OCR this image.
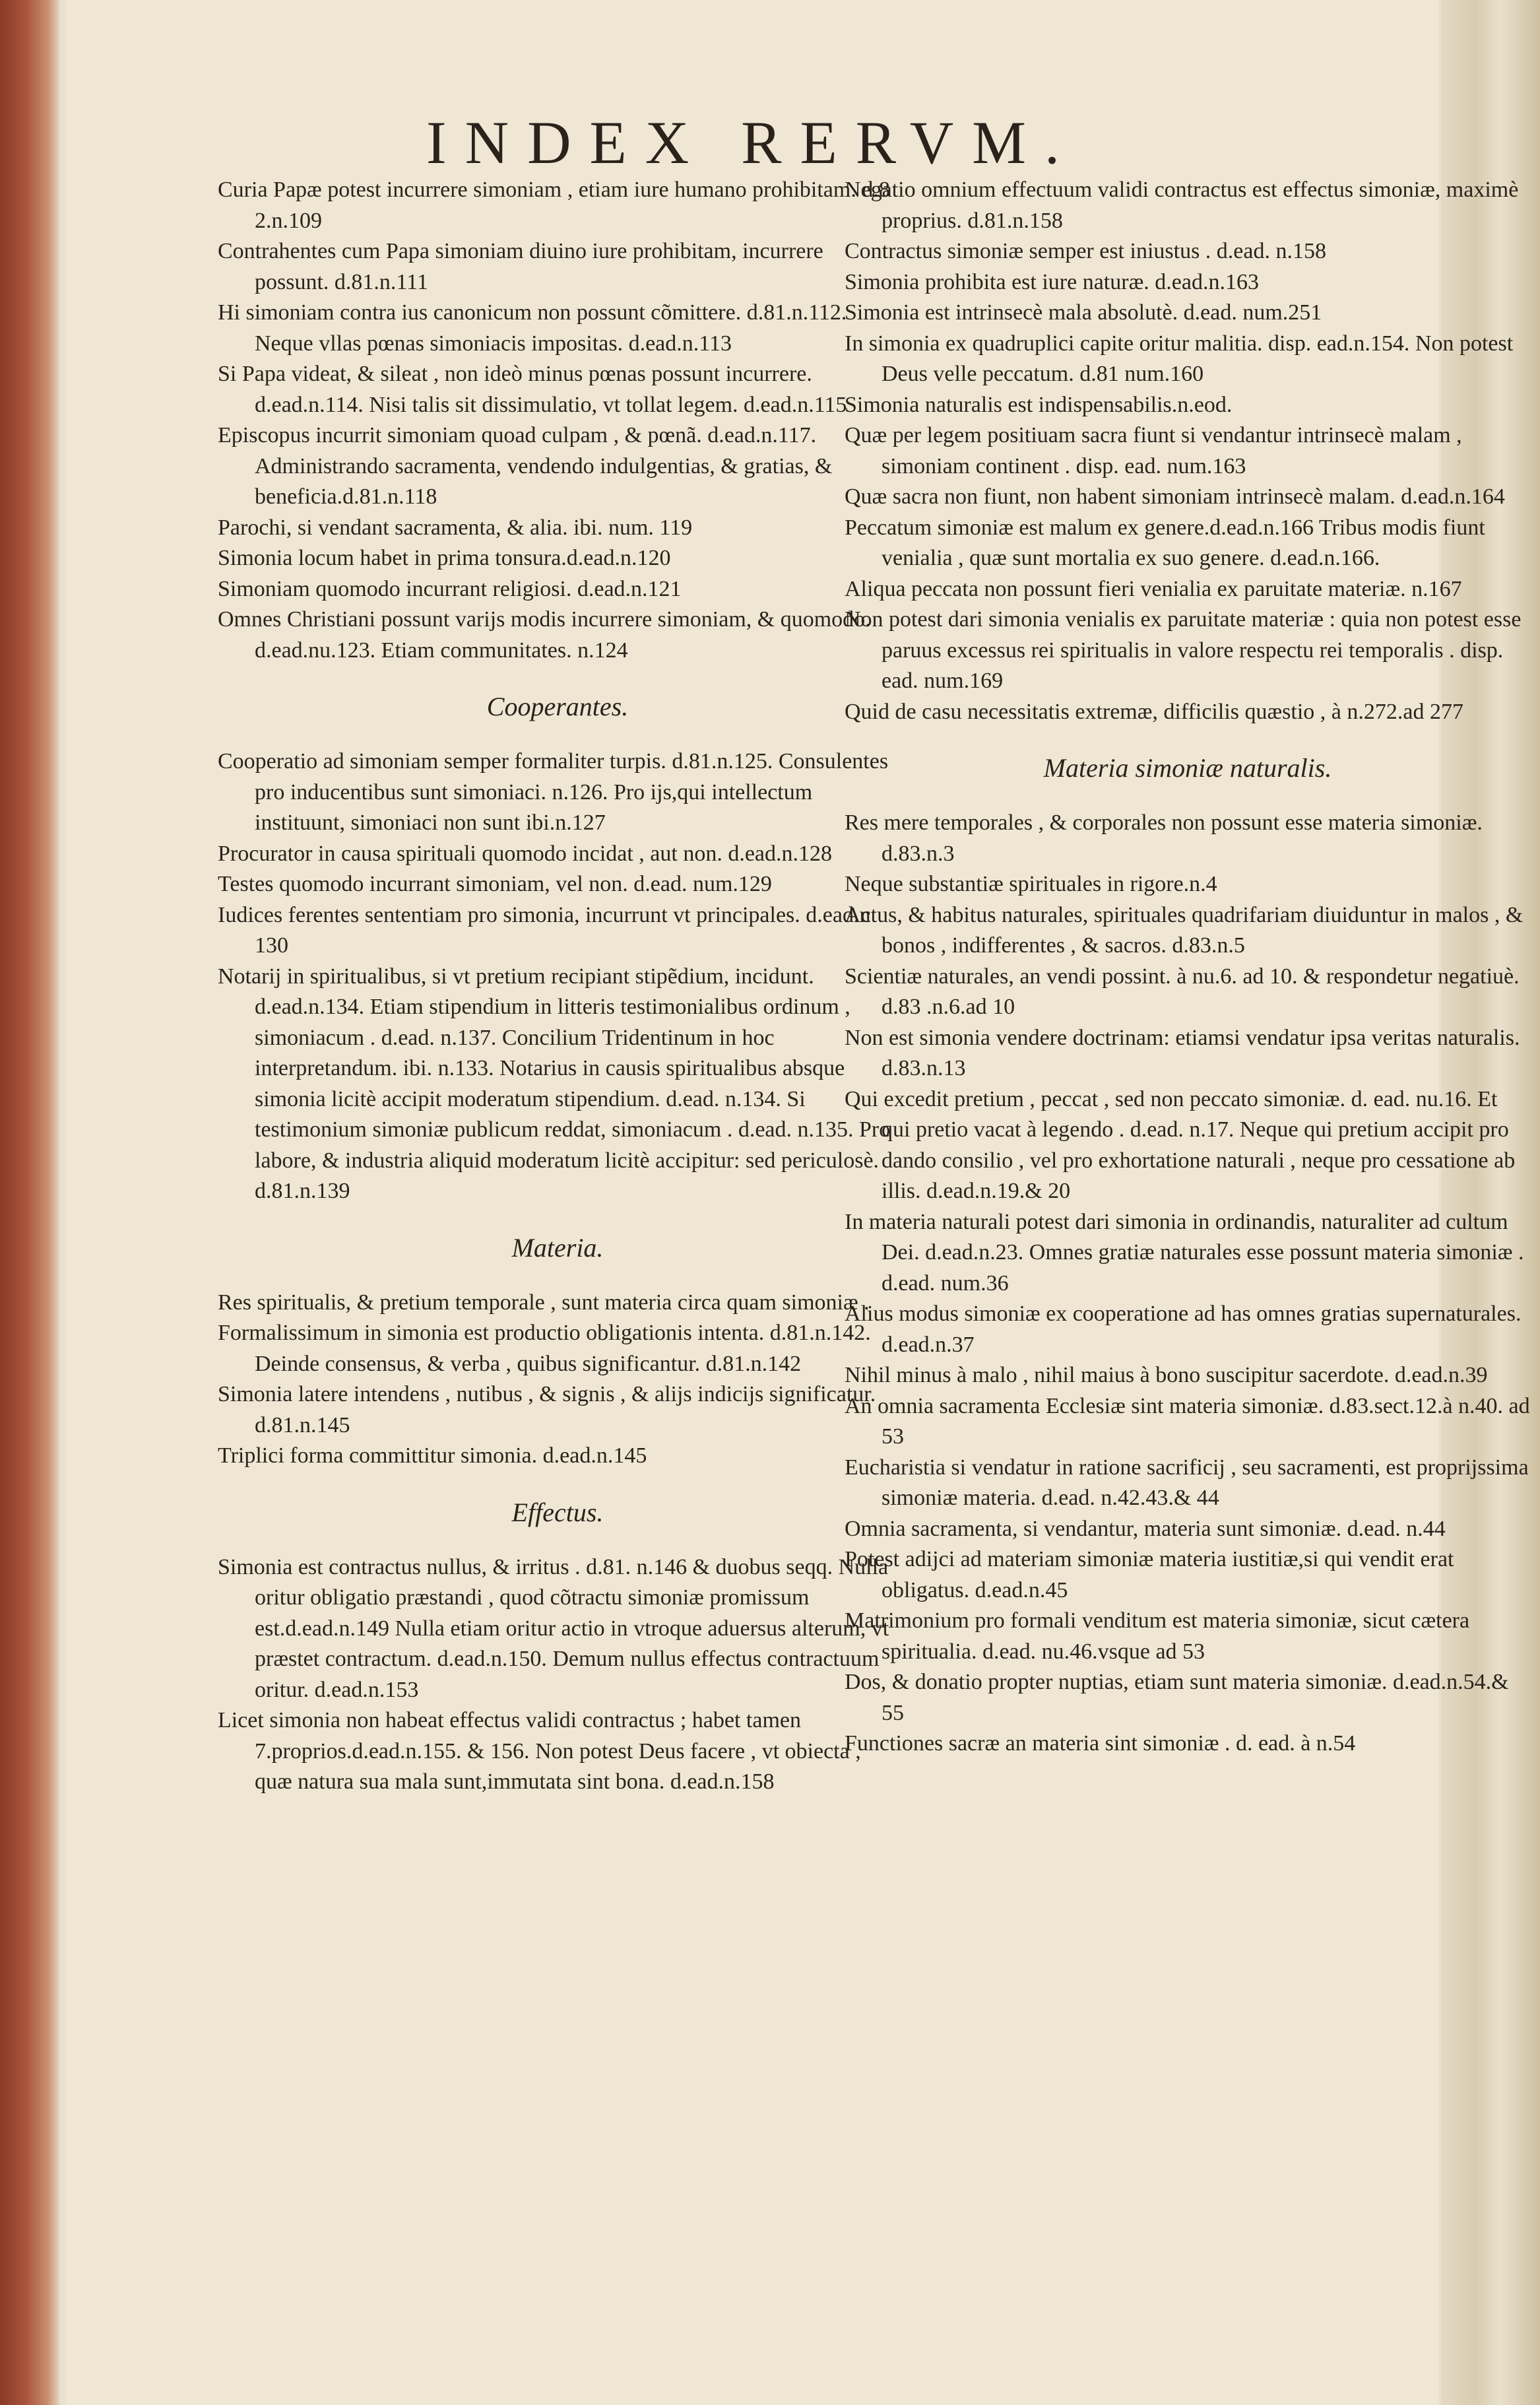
INDEX RERVM.

Curia Papæ potest incurrere simoniam , etiam iure humano prohibitam. d.8 2.n.109

Contrahentes cum Papa simoniam diuino iure prohibitam, incurrere possunt. d.81.n.111

Hi simoniam contra ius canonicum non possunt cõmittere. d.81.n.112. Neque vllas pœnas simoniacis impositas. d.ead.n.113

Si Papa videat, & sileat , non ideò minus pœnas possunt incurrere. d.ead.n.114. Nisi talis sit dissimulatio, vt tollat legem. d.ead.n.115

Episcopus incurrit simoniam quoad culpam , & pœnã. d.ead.n.117. Administrando sacramenta, vendendo indulgentias, & gratias, & beneficia.d.81.n.118

Parochi, si vendant sacramenta, & alia. ibi. num. 119

Simonia locum habet in prima tonsura.d.ead.n.120

Simoniam quomodo incurrant religiosi. d.ead.n.121

Omnes Christiani possunt varijs modis incurrere simoniam, & quomodo. d.ead.nu.123. Etiam communitates. n.124

Cooperantes.

Cooperatio ad simoniam semper formaliter turpis. d.81.n.125. Consulentes pro inducentibus sunt simoniaci. n.126. Pro ijs,qui intellectum instituunt, simoniaci non sunt ibi.n.127

Procurator in causa spirituali quomodo incidat , aut non. d.ead.n.128

Testes quomodo incurrant simoniam, vel non. d.ead. num.129

Iudices ferentes sententiam pro simonia, incurrunt vt principales. d.ead.n 130

Notarij in spiritualibus, si vt pretium recipiant stipẽdium, incidunt. d.ead.n.134. Etiam stipendium in litteris testimonialibus ordinum , simoniacum . d.ead. n.137. Concilium Tridentinum in hoc interpretandum. ibi. n.133. Notarius in causis spiritualibus absque simonia licitè accipit moderatum stipendium. d.ead. n.134. Si testimonium simoniæ publicum reddat, simoniacum . d.ead. n.135. Pro labore, & industria aliquid moderatum licitè accipitur: sed periculosè. d.81.n.139

Materia.

Res spiritualis, & pretium temporale , sunt materia circa quam simoniæ .

Formalissimum in simonia est productio obligationis intenta. d.81.n.142. Deinde consensus, & verba , quibus significantur. d.81.n.142

Simonia latere intendens , nutibus , & signis , & alijs indicijs significatur. d.81.n.145

Triplici forma committitur simonia. d.ead.n.145

Effectus.

Simonia est contractus nullus, & irritus . d.81. n.146 & duobus seqq. Nulla oritur obligatio præstandi , quod cõtractu simoniæ promissum est.d.ead.n.149 Nulla etiam oritur actio in vtroque aduersus alterum, vt præstet contractum. d.ead.n.150. Demum nullus effectus contractuum oritur. d.ead.n.153

Licet simonia non habeat effectus validi contractus ; habet tamen 7.proprios.d.ead.n.155. & 156. Non potest Deus facere , vt obiecta , quæ natura sua mala sunt,immutata sint bona. d.ead.n.158

Negatio omnium effectuum validi contractus est effectus simoniæ, maximè proprius. d.81.n.158

Contractus simoniæ semper est iniustus . d.ead. n.158

Simonia prohibita est iure naturæ. d.ead.n.163

Simonia est intrinsecè mala absolutè. d.ead. num.251

In simonia ex quadruplici capite oritur malitia. disp. ead.n.154. Non potest Deus velle peccatum. d.81 num.160

Simonia naturalis est indispensabilis.n.eod.

Quæ per legem positiuam sacra fiunt si vendantur intrinsecè malam , simoniam continent . disp. ead. num.163

Quæ sacra non fiunt, non habent simoniam intrinsecè malam. d.ead.n.164

Peccatum simoniæ est malum ex genere.d.ead.n.166 Tribus modis fiunt venialia , quæ sunt mortalia ex suo genere. d.ead.n.166.

Aliqua peccata non possunt fieri venialia ex paruitate materiæ. n.167

Non potest dari simonia venialis ex paruitate materiæ : quia non potest esse paruus excessus rei spiritualis in valore respectu rei temporalis . disp. ead. num.169

Quid de casu necessitatis extremæ, difficilis quæstio , à n.272.ad 277

Materia simoniæ naturalis.

Res mere temporales , & corporales non possunt esse materia simoniæ. d.83.n.3

Neque substantiæ spirituales in rigore.n.4

Actus, & habitus naturales, spirituales quadrifariam diuiduntur in malos , & bonos , indifferentes , & sacros. d.83.n.5

Scientiæ naturales, an vendi possint. à nu.6. ad 10. & respondetur negatiuè. d.83 .n.6.ad 10

Non est simonia vendere doctrinam: etiamsi vendatur ipsa veritas naturalis. d.83.n.13

Qui excedit pretium , peccat , sed non peccato simoniæ. d. ead. nu.16. Et qui pretio vacat à legendo . d.ead. n.17. Neque qui pretium accipit pro dando consilio , vel pro exhortatione naturali , neque pro cessatione ab illis. d.ead.n.19.& 20

In materia naturali potest dari simonia in ordinandis, naturaliter ad cultum Dei. d.ead.n.23. Omnes gratiæ naturales esse possunt materia simoniæ . d.ead. num.36

Alius modus simoniæ ex cooperatione ad has omnes gratias supernaturales. d.ead.n.37

Nihil minus à malo , nihil maius à bono suscipitur sacerdote. d.ead.n.39

An omnia sacramenta Ecclesiæ sint materia simoniæ. d.83.sect.12.à n.40. ad 53

Eucharistia si vendatur in ratione sacrificij , seu sacramenti, est proprijssima simoniæ materia. d.ead. n.42.43.& 44

Omnia sacramenta, si vendantur, materia sunt simoniæ. d.ead. n.44

Potest adijci ad materiam simoniæ materia iustitiæ,si qui vendit erat obligatus. d.ead.n.45

Matrimonium pro formali venditum est materia simoniæ, sicut cætera spiritualia. d.ead. nu.46.vsque ad 53

Dos, & donatio propter nuptias, etiam sunt materia simoniæ. d.ead.n.54.& 55

Functiones sacræ an materia sint simoniæ . d. ead. à n.54
